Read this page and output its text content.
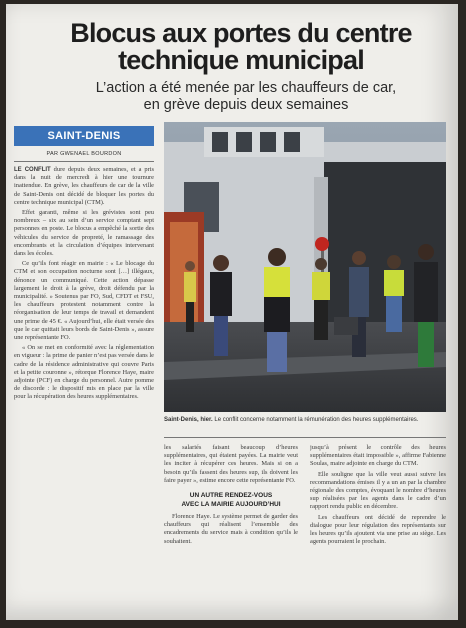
Blocus aux portes du centre
technique municipal
L’action a été menée par les chauffeurs de car,
en grève depuis deux semaines
SAINT-DENIS
PAR GWENAEL BOURDON

LE CONFLIT dure depuis deux semaines, et a pris dans la nuit de mercredi à hier une tournure inattendue. En grève, les chauffeurs de car de la ville de Saint-Denis ont décidé de bloquer les portes du centre technique municipal (CTM).

Effet garanti, même si les grévistes sont peu nombreux – six au sein d’un service comptant sept personnes en poste. Le blocus a empêché la sortie des véhicules du service de propreté, le ramassage des encombrants et la circulation d’équipes intervenant dans les écoles.

Ce qu’ils font réagir en mairie : « Le blocage du CTM et son occupation nocturne sont […] illégaux, dénonce un communiqué. Cette action dépasse largement le droit à la grève, droit défendu par la municipalité. » Soutenus par FO, Sud, CFDT et FSU, les chauffeurs protestent notamment contre la réorganisation de leur temps de travail et demandent une prime de 45 €. « Aujourd’hui, elle était versée des que le car quittait leurs bords de Saint-Denis », assure une représentante FO.

« On se met en conformité avec la réglementation en vigueur : la prime de panier n’est pas versée dans le cadre de la résidence administrative qui couvre Paris et la petite couronne », rétorque Florence Haye, maire adjointe (PCF) en charge du personnel. Autre pomme de discorde : le dispositif mis en place par la ville pour la récupération des heures supplémentaires.

Saint-Denis, hier. Le conflit concerne notamment la rémunération des heures supplémentaires.

les salariés faisant beaucoup d’heures supplémentaires, qui étaient payées. La mairie veut les inciter à récupérer ces heures. Mais si on a besoin qu’ils fassent des heures sup, ils doivent les faire payer », estime encore cette représentante FO.

UN AUTRE RENDEZ-VOUS
AVEC LA MAIRIE AUJOURD’HUI

Florence Haye. Le système permet de garder des chauffeurs qui réalisent l’ensemble des encadrements du service mais à condition qu’ils le souhaitent.

jusqu’à présent le contrôle des heures supplémentaires était impossible », affirme Fabienne Soulas, maire adjointe en charge du CTM.

Elle souligne que la ville veut aussi suivre les recommandations émises il y a un an par la chambre régionale des comptes, évoquant le nombre d’heures sup réalisées par les agents dans le cadre d’un rapport rendu public en décembre.

Les chauffeurs ont décidé de reprendre le dialogue pour leur régulation des représentants sur les heures qu’ils ajoutent via une prise au siège. Les agents pourraient le prochain.
